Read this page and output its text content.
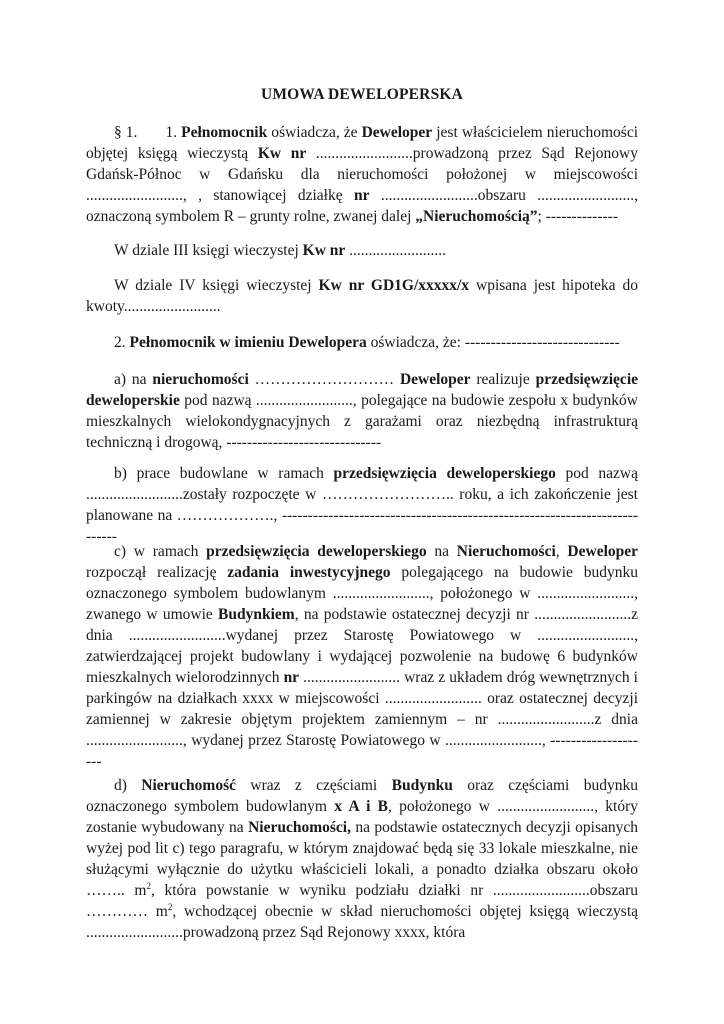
UMOWA DEWELOPERSKA
§ 1. 1. Pełnomocnik oświadcza, że Deweloper jest właścicielem nieruchomości objętej księgą wieczystą Kw nr .........................prowadzoną przez Sąd Rejonowy Gdańsk-Północ w Gdańsku dla nieruchomości położonej w miejscowości ........................., , stanowiącej działkę nr .........................obszaru ........................., oznaczoną symbolem R – grunty rolne, zwanej dalej „Nieruchomością”; --------------
W dziale III księgi wieczystej Kw nr .........................
W dziale IV księgi wieczystej Kw nr GD1G/xxxxx/x wpisana jest hipoteka do kwoty.........................
2. Pełnomocnik w imieniu Dewelopera oświadcza, że: ------------------------------
a) na nieruchomości ……………………… Deweloper realizuje przedsięwzięcie deweloperskie pod nazwą ........................., polegające na budowie zespołu x budynków mieszkalnych wielokondygnacyjnych z garażami oraz niezbędną infrastrukturą techniczną i drogową, ------------------------------
b) prace budowlane w ramach przedsięwzięcia deweloperskiego pod nazwą .........................zostały rozpoczęte w …………………….. roku, a ich zakończenie jest planowane na ………………., ---------------------------------------------------------------------------
c) w ramach przedsięwzięcia deweloperskiego na Nieruchomości, Deweloper rozpoczął realizację zadania inwestycyjnego polegającego na budowie budynku oznaczonego symbolem budowlanym ........................., położonego w ........................., zwanego w umowie Budynkiem, na podstawie ostatecznej decyzji nr .........................z dnia .........................wydanej przez Starostę Powiatowego w ........................., zatwierdzającej projekt budowlany i wydającej pozwolenie na budowę 6 budynków mieszkalnych wielorodzinnych nr ......................... wraz z układem dróg wewnętrznych i parkingów na działkach xxxx w miejscowości ......................... oraz ostatecznej decyzji zamiennej w zakresie objętym projektem zamiennym – nr .........................z dnia ........................., wydanej przez Starostę Powiatowego w ........................., --------------------
d) Nieruchomość wraz z częściami Budynku oraz częściami budynku oznaczonego symbolem budowlanym x A i B, położonego w ........................., który zostanie wybudowany na Nieruchomości, na podstawie ostatecznych decyzji opisanych wyżej pod lit c) tego paragrafu, w którym znajdować będą się 33 lokale mieszkalne, nie służącymi wyłącznie do użytku właścicieli lokali, a ponadto działka obszaru około …….. $m^2$, która powstanie w wyniku podziału działki nr .........................obszaru ………… $m^2$, wchodzącej obecnie w skład nieruchomości objętej księgą wieczystą .........................prowadzoną przez Sąd Rejonowy xxxx, która
